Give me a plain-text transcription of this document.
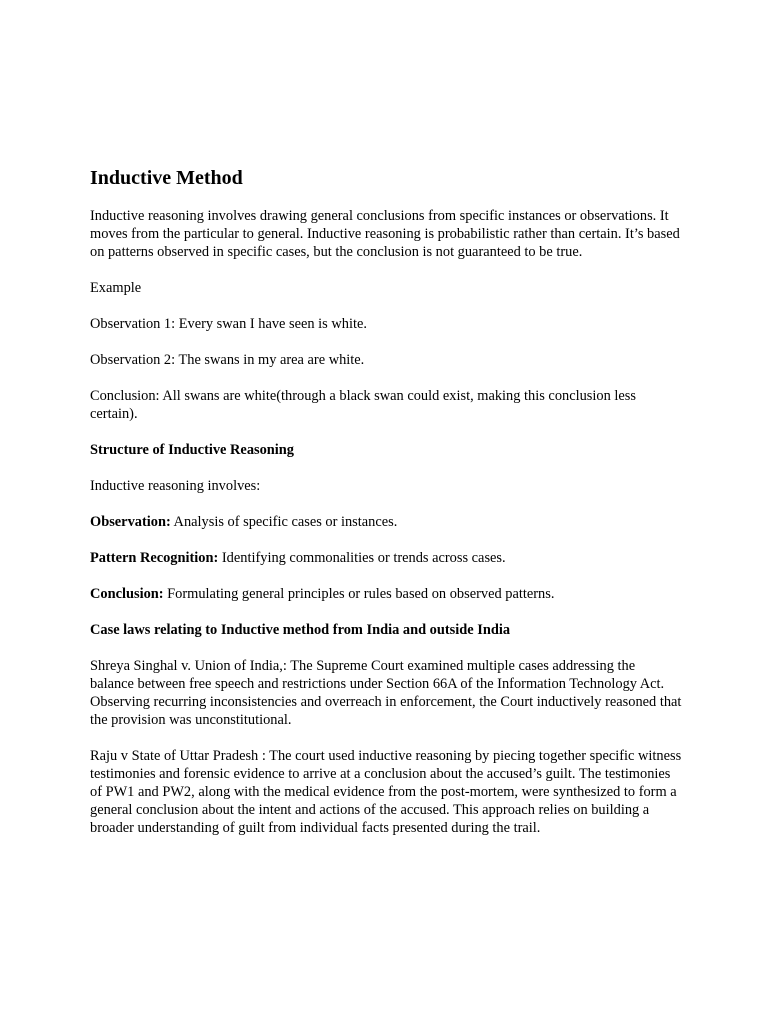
Inductive Method

Inductive reasoning involves drawing general conclusions from specific instances or observations. It moves from the particular to general. Inductive reasoning is probabilistic rather than certain. It’s based on patterns observed in specific cases, but the conclusion is not guaranteed to be true.

Example

Observation 1: Every swan I have seen is white.

Observation 2: The swans in my area are white.

Conclusion: All swans are white(through a black swan could exist, making this conclusion less certain).

Structure of Inductive Reasoning

Inductive reasoning involves:

Observation: Analysis of specific cases or instances.

Pattern Recognition: Identifying commonalities or trends across cases.

Conclusion: Formulating general principles or rules based on observed patterns.

Case laws relating to Inductive method from India and outside India

Shreya Singhal v. Union of India,: The Supreme Court examined multiple cases addressing the balance between free speech and restrictions under Section 66A of the Information Technology Act. Observing recurring inconsistencies and overreach in enforcement, the Court inductively reasoned that the provision was unconstitutional.

Raju v State of Uttar Pradesh : The court used inductive reasoning by piecing together specific witness testimonies and forensic evidence to arrive at a conclusion about the accused’s guilt. The testimonies of PW1 and PW2, along with the medical evidence from the post-mortem, were synthesized to form a general conclusion about the intent and actions of the accused. This approach relies on building a broader understanding of guilt from individual facts presented during the trail.
